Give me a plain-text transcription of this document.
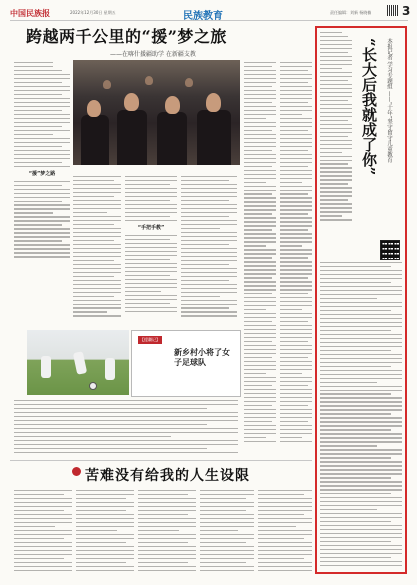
中国民族报	2022年12月30日 星期五	民族教育	责任编辑：刘新 杨晓楠	3
跨越两千公里的“援”梦之旅
——在喀什援疆助学 在新疆支教
“援”梦之路
“手把手教”
【援疆记】
新乡村小将了女子足球队
苦难没有给我的人生设限
“长大后我就成了你”	本报记者 学习专题组 ——“十年”坚守留守儿童教育
